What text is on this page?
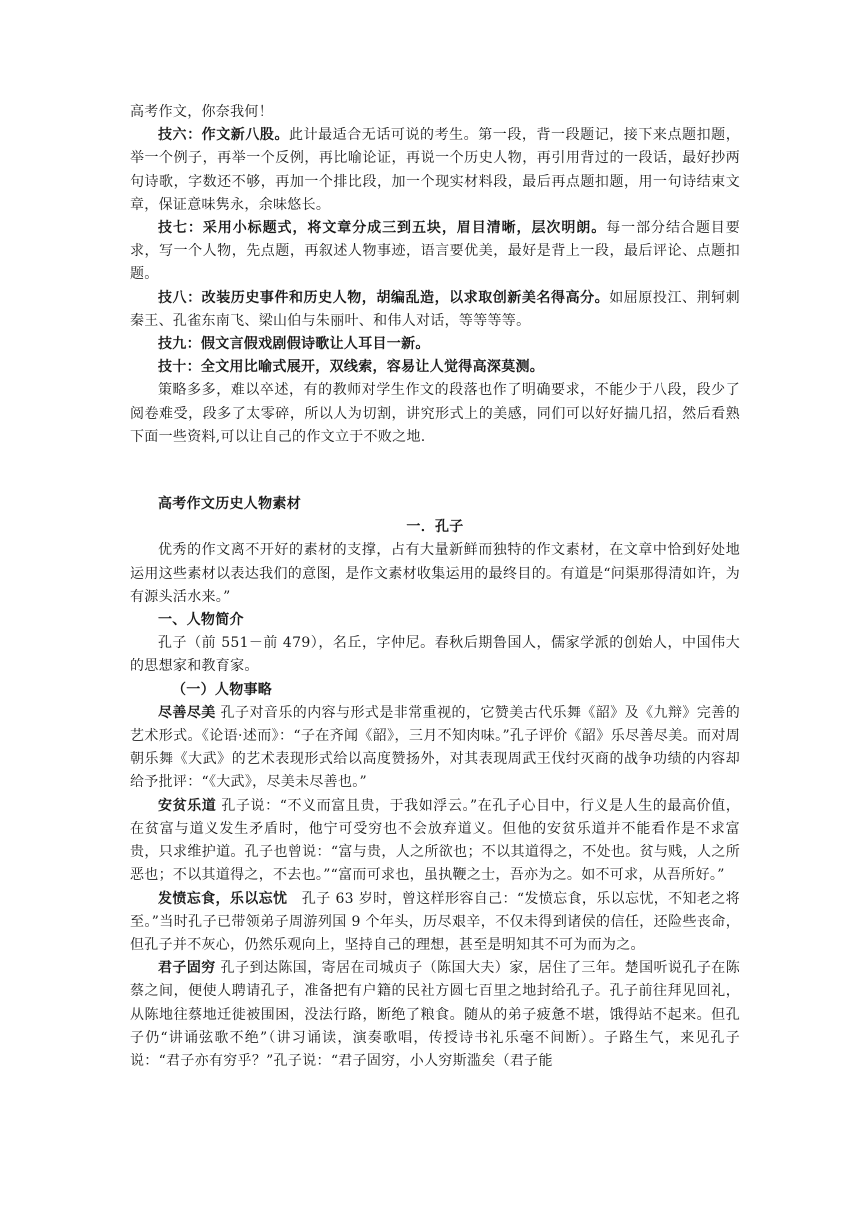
高考作文，你奈我何！

技六：作文新八股。此计最适合无话可说的考生。第一段，背一段题记，接下来点题扣题，举一个例子，再举一个反例，再比喻论证，再说一个历史人物，再引用背过的一段话，最好抄两句诗歌，字数还不够，再加一个排比段，加一个现实材料段，最后再点题扣题，用一句诗结束文章，保证意味隽永，余味悠长。

技七：采用小标题式，将文章分成三到五块，眉目清晰，层次明朗。每一部分结合题目要求，写一个人物，先点题，再叙述人物事迹，语言要优美，最好是背上一段，最后评论、点题扣题。

技八：改装历史事件和历史人物，胡编乱造，以求取创新美名得高分。如屈原投江、荆轲刺秦王、孔雀东南飞、梁山伯与朱丽叶、和伟人对话，等等等等。

技九：假文言假戏剧假诗歌让人耳目一新。

技十：全文用比喻式展开，双线索，容易让人觉得高深莫测。

策略多多，难以卒述，有的教师对学生作文的段落也作了明确要求，不能少于八段，段少了阅卷难受，段多了太零碎，所以人为切割，讲究形式上的美感，同们可以好好揣几招，然后看熟下面一些资料,可以让自己的作文立于不败之地.

高考作文历史人物素材

一．孔子

优秀的作文离不开好的素材的支撑，占有大量新鲜而独特的作文素材，在文章中恰到好处地运用这些素材以表达我们的意图，是作文素材收集运用的最终目的。有道是“问渠那得清如许，为有源头活水来。”

一、人物简介

孔子（前 551－前 479），名丘，字仲尼。春秋后期鲁国人，儒家学派的创始人，中国伟大的思想家和教育家。

（一）人物事略

尽善尽美 孔子对音乐的内容与形式是非常重视的，它赞美古代乐舞《韶》及《九辩》完善的艺术形式。《论语·述而》：“子在齐闻《韶》，三月不知肉味。”孔子评价《韶》乐尽善尽美。而对周朝乐舞《大武》的艺术表现形式给以高度赞扬外，对其表现周武王伐纣灭商的战争功绩的内容却给予批评：“《大武》，尽美未尽善也。”

安贫乐道 孔子说：“不义而富且贵，于我如浮云。”在孔子心目中，行义是人生的最高价值，在贫富与道义发生矛盾时，他宁可受穷也不会放弃道义。但他的安贫乐道并不能看作是不求富贵，只求维护道。孔子也曾说：“富与贵，人之所欲也；不以其道得之，不处也。贫与贱，人之所恶也；不以其道得之，不去也。”“富而可求也，虽执鞭之士，吾亦为之。如不可求，从吾所好。”

发愤忘食，乐以忘忧 孔子 63 岁时，曾这样形容自己：“发愤忘食，乐以忘忧，不知老之将至。”当时孔子已带领弟子周游列国 9 个年头，历尽艰辛，不仅未得到诸侯的信任，还险些丧命，但孔子并不灰心，仍然乐观向上，坚持自己的理想，甚至是明知其不可为而为之。

君子固穷 孔子到达陈国，寄居在司城贞子（陈国大夫）家，居住了三年。楚国听说孔子在陈蔡之间，便使人聘请孔子，准备把有户籍的民社方圆七百里之地封给孔子。孔子前往拜见回礼，从陈地往蔡地迁徙被围困，没法行路，断绝了粮食。随从的弟子疲惫不堪，饿得站不起来。但孔子仍“讲诵弦歌不绝”（讲习诵读，演奏歌唱，传授诗书礼乐毫不间断）。子路生气，来见孔子说：“君子亦有穷乎？”孔子说：“君子固穷，小人穷斯滥矣（君子能
